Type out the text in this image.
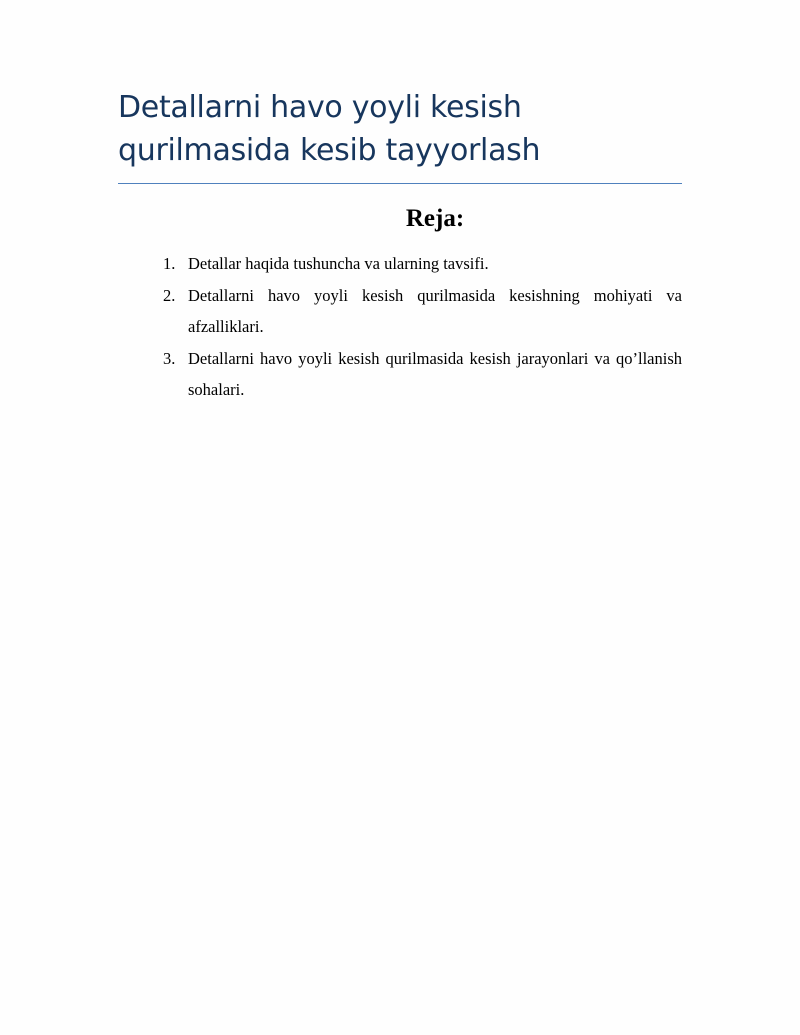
Detallarni havo yoyli kesish qurilmasida kesib tayyorlash
Reja:
1. Detallar haqida tushuncha va ularning tavsifi.
2. Detallarni havo yoyli kesish qurilmasida kesishning mohiyati va afzalliklari.
3. Detallarni havo yoyli kesish qurilmasida kesish jarayonlari va qo’llanish sohalari.
